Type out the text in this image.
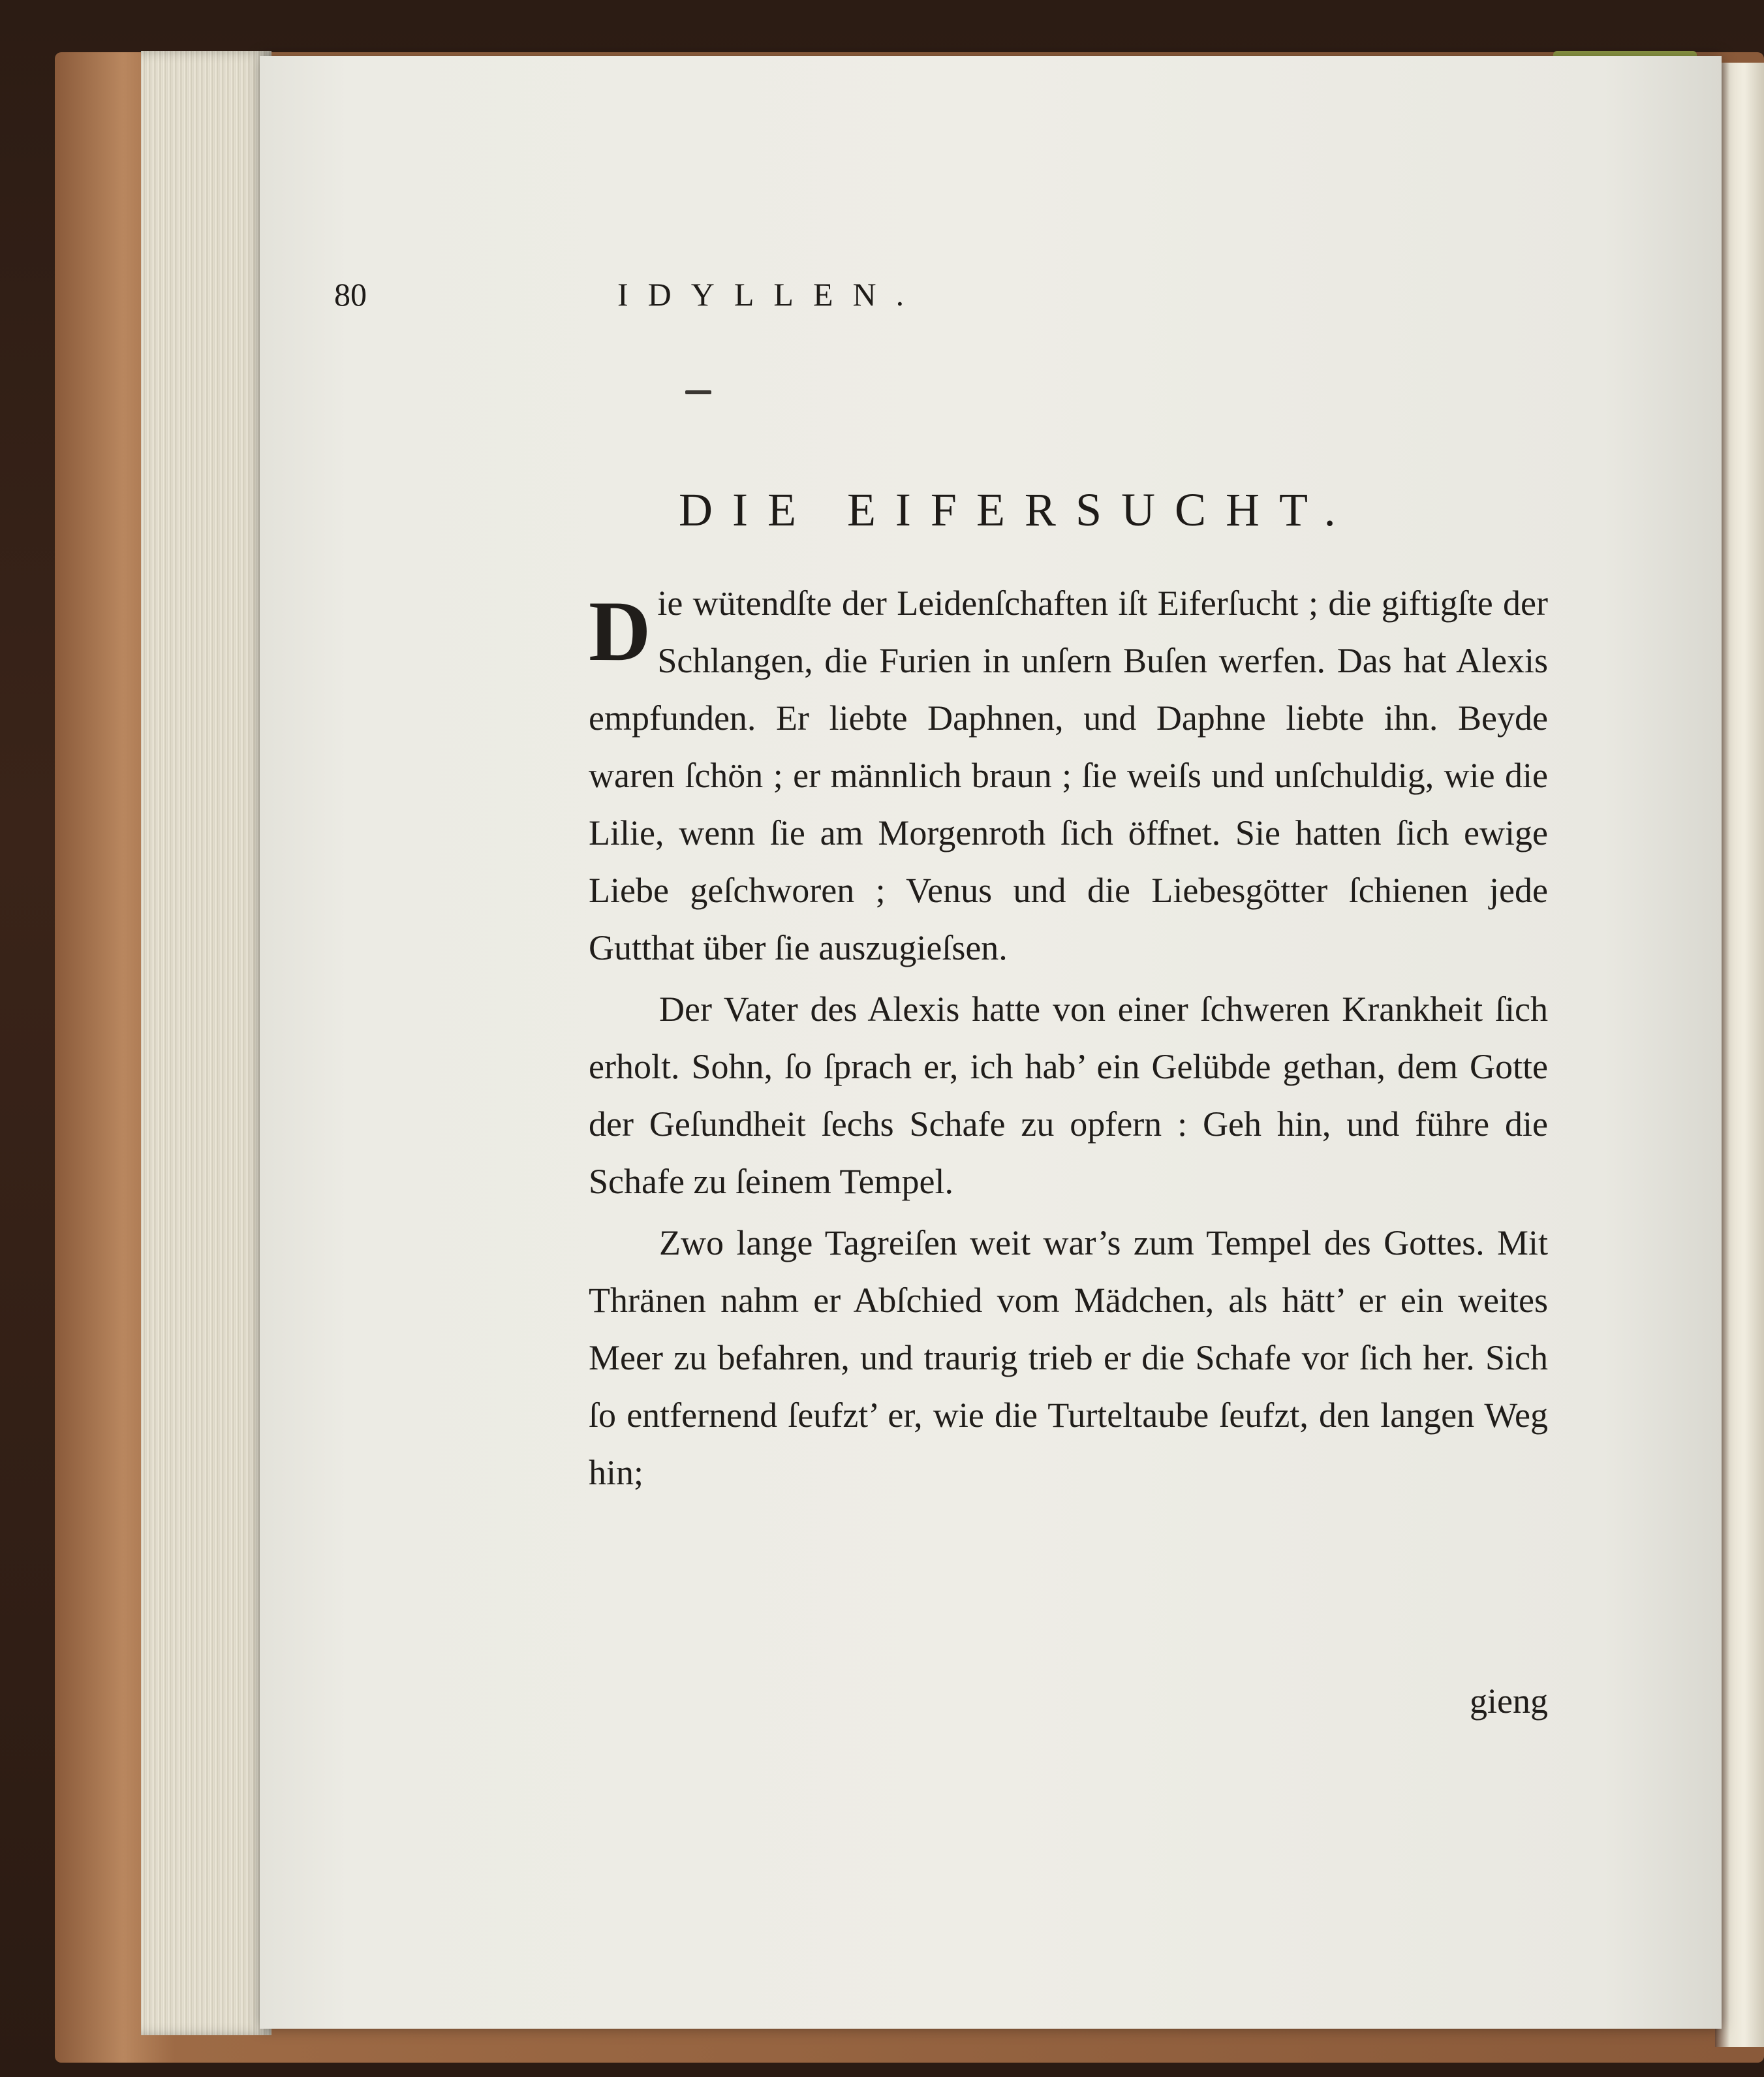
80	IDYLLEN.
DIE EIFERSUCHT.

D ie wütendſte der Leidenſchaften iſt Eiferſucht ; die giftigſte der Schlangen, die Furien in unſern Buſen werfen. Das hat Alexis empfunden. Er liebte Daphnen, und Daphne liebte ihn. Beyde waren ſchön ; er männlich braun ; ſie weiſs und unſchuldig, wie die Lilie, wenn ſie am Morgenroth ſich öffnet. Sie hatten ſich ewige Liebe geſchworen ; Venus und die Liebesgötter ſchienen jede Gutthat über ſie auszugieſsen.

Der Vater des Alexis hatte von einer ſchweren Krankheit ſich erholt. Sohn, ſo ſprach er, ich hab’ ein Gelübde gethan, dem Gotte der Geſundheit ſechs Schafe zu opfern : Geh hin, und führe die Schafe zu ſeinem Tempel.

Zwo lange Tagreiſen weit war’s zum Tempel des Gottes. Mit Thränen nahm er Abſchied vom Mädchen, als hätt’ er ein weites Meer zu befahren, und traurig trieb er die Schafe vor ſich her. Sich ſo entfernend ſeufzt’ er, wie die Turteltaube ſeufzt, den langen Weg hin;

gieng
